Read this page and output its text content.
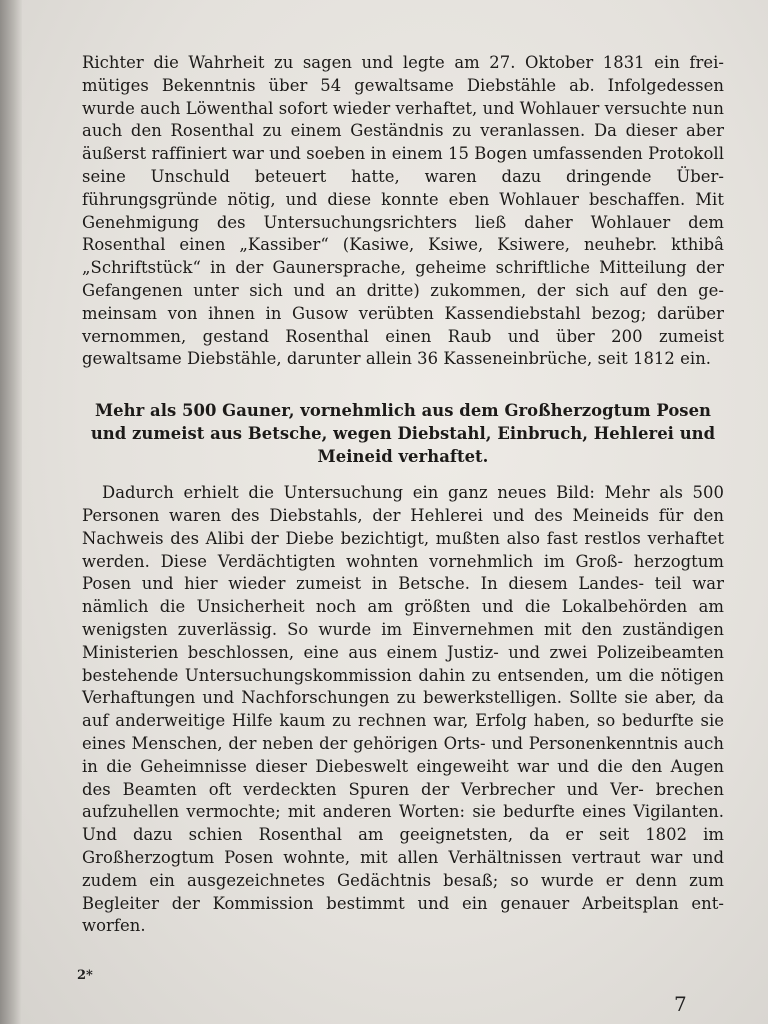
Richter die Wahrheit zu sagen und legte am 27. Oktober 1831 ein frei- mütiges Bekenntnis über 54 gewaltsame Diebstähle ab. Infolgedessen wurde auch Löwenthal sofort wieder verhaftet, und Wohlauer versuchte nun auch den Rosenthal zu einem Geständnis zu veranlassen. Da dieser aber äußerst raffiniert war und soeben in einem 15 Bogen umfassenden Protokoll seine Unschuld beteuert hatte, waren dazu dringende Über- führungsgründe nötig, und diese konnte eben Wohlauer beschaffen. Mit Genehmigung des Untersuchungsrichters ließ daher Wohlauer dem Rosenthal einen „Kassiber“ (Kasiwe, Ksiwe, Ksiwere, neuhebr. kthibâ „Schriftstück“ in der Gaunersprache, geheime schriftliche Mitteilung der Gefangenen unter sich und an dritte) zukommen, der sich auf den ge- meinsam von ihnen in Gusow verübten Kassendiebstahl bezog; darüber vernommen, gestand Rosenthal einen Raub und über 200 zumeist gewaltsame Diebstähle, darunter allein 36 Kasseneinbrüche, seit 1812 ein.

Mehr als 500 Gauner, vornehmlich aus dem Großherzogtum Posen und zumeist aus Betsche, wegen Diebstahl, Einbruch, Hehlerei und Meineid verhaftet.

Dadurch erhielt die Untersuchung ein ganz neues Bild: Mehr als 500 Personen waren des Diebstahls, der Hehlerei und des Meineids für den Nachweis des Alibi der Diebe bezichtigt, mußten also fast restlos verhaftet werden. Diese Verdächtigten wohnten vornehmlich im Groß- herzogtum Posen und hier wieder zumeist in Betsche. In diesem Landes- teil war nämlich die Unsicherheit noch am größten und die Lokalbehörden am wenigsten zuverlässig. So wurde im Einvernehmen mit den zuständigen Ministerien beschlossen, eine aus einem Justiz- und zwei Polizeibeamten bestehende Untersuchungskommission dahin zu entsenden, um die nötigen Verhaftungen und Nachforschungen zu bewerkstelligen. Sollte sie aber, da auf anderweitige Hilfe kaum zu rechnen war, Erfolg haben, so bedurfte sie eines Menschen, der neben der gehörigen Orts- und Personenkenntnis auch in die Geheimnisse dieser Diebeswelt eingeweiht war und die den Augen des Beamten oft verdeckten Spuren der Verbrecher und Ver- brechen aufzuhellen vermochte; mit anderen Worten: sie bedurfte eines Vigilanten. Und dazu schien Rosenthal am geeignetsten, da er seit 1802 im Großherzogtum Posen wohnte, mit allen Verhältnissen vertraut war und zudem ein ausgezeichnetes Gedächtnis besaß; so wurde er denn zum Begleiter der Kommission bestimmt und ein genauer Arbeitsplan ent- worfen.

2*
7
